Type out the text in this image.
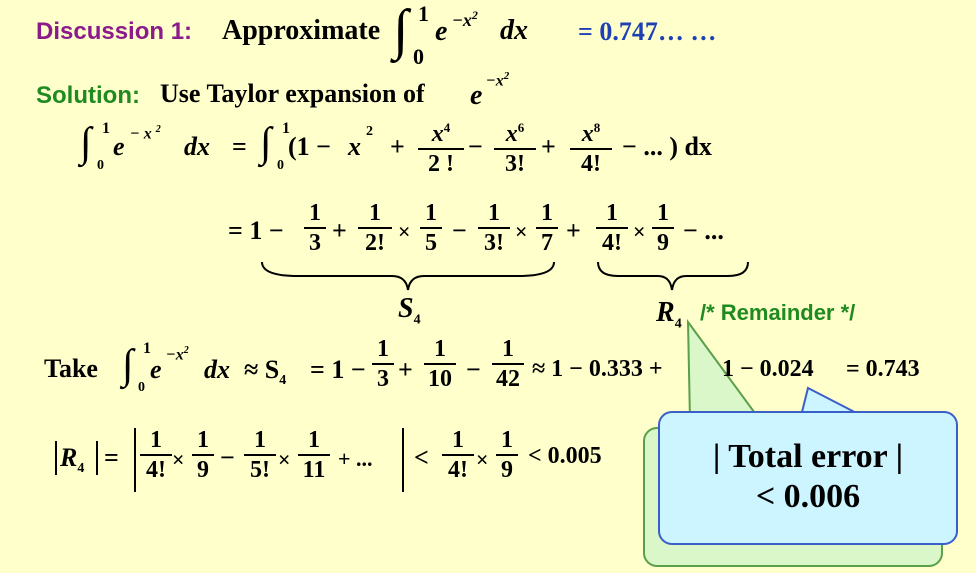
Discussion 1: Approximate ∫ 1
0
$e -x^2$ dx = 0.747… …
Solution: Use Taylor expansion of $e -x^2$
∫ 1
0
e − x $^2$
dx = ∫ 1
0
(1 − x
2
+	$x^4$
2 !
− $x^6$
3!
+	$x^8$
4!
− ... ) dx
= 1 −
1
3 +
1
2! ×
1
5 −
1
3! ×
1
7 +
1
4! ×
1
9 − ...
$S_4$	$R_4$ /* Remainder */
Take ∫ 1
0
e
$-x^2$
dx ≈ $S_4 = 1$ −
1
3 +
1
10 −
1
42 ≈ 1 − 0.333 + 1 − 0.024 = 0.743
$R_4$ =
1
4! ×
1
9 −
1
5! ×
1
11 + ... <
1
4! ×
1
9
< 0.005	| Total error |
< 0.006
